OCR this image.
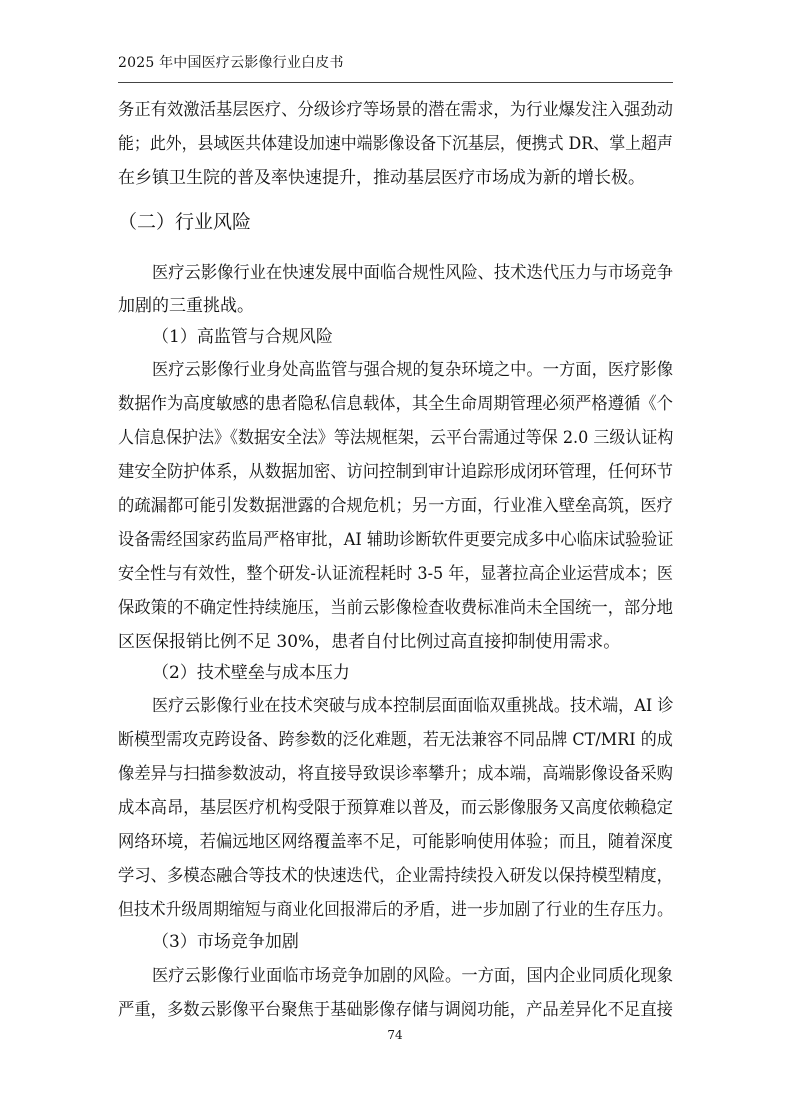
2025 年中国医疗云影像行业白皮书
务正有效激活基层医疗、分级诊疗等场景的潜在需求，为行业爆发注入强劲动
能；此外，县域医共体建设加速中端影像设备下沉基层，便携式 DR、掌上超声
在乡镇卫生院的普及率快速提升，推动基层医疗市场成为新的增长极。
（二）行业风险
医疗云影像行业在快速发展中面临合规性风险、技术迭代压力与市场竞争
加剧的三重挑战。
（1）高监管与合规风险
医疗云影像行业身处高监管与强合规的复杂环境之中。一方面，医疗影像
数据作为高度敏感的患者隐私信息载体，其全生命周期管理必须严格遵循《个
人信息保护法》《数据安全法》等法规框架，云平台需通过等保 2.0 三级认证构
建安全防护体系，从数据加密、访问控制到审计追踪形成闭环管理，任何环节
的疏漏都可能引发数据泄露的合规危机；另一方面，行业准入壁垒高筑，医疗
设备需经国家药监局严格审批，AI 辅助诊断软件更要完成多中心临床试验验证
安全性与有效性，整个研发-认证流程耗时 3-5 年，显著拉高企业运营成本；医
保政策的不确定性持续施压，当前云影像检查收费标准尚未全国统一，部分地
区医保报销比例不足 30%，患者自付比例过高直接抑制使用需求。
（2）技术壁垒与成本压力
医疗云影像行业在技术突破与成本控制层面面临双重挑战。技术端，AI 诊
断模型需攻克跨设备、跨参数的泛化难题，若无法兼容不同品牌 CT/MRI 的成
像差异与扫描参数波动，将直接导致误诊率攀升；成本端，高端影像设备采购
成本高昂，基层医疗机构受限于预算难以普及，而云影像服务又高度依赖稳定
网络环境，若偏远地区网络覆盖率不足，可能影响使用体验；而且，随着深度
学习、多模态融合等技术的快速迭代，企业需持续投入研发以保持模型精度，
但技术升级周期缩短与商业化回报滞后的矛盾，进一步加剧了行业的生存压力。
（3）市场竞争加剧
医疗云影像行业面临市场竞争加剧的风险。一方面，国内企业同质化现象
严重，多数云影像平台聚焦于基础影像存储与调阅功能，产品差异化不足直接
74
